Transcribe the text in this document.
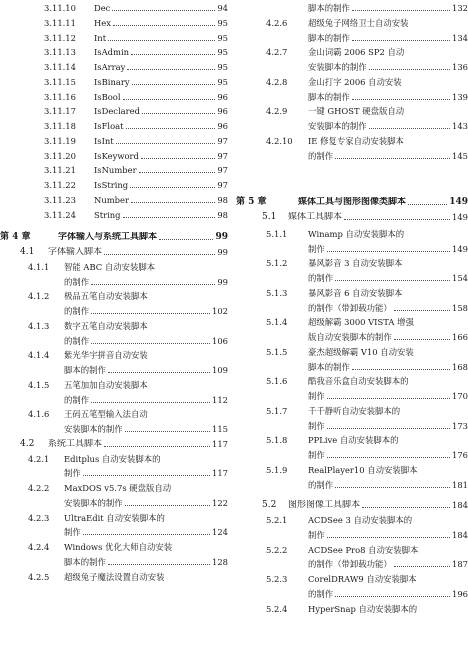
3.11.10 Dec	94
3.11.11 Hex	95
3.11.12 Int	95
3.11.13 IsAdmin	95
3.11.14 IsArray	95
3.11.15 IsBinary	95
3.11.16 IsBool	96
3.11.17 IsDeclared	96
3.11.18 IsFloat	96
3.11.19 IsInt	97
3.11.20 IsKeyword	97
3.11.21 IsNumber	97
3.11.22 IsString	97
3.11.23 Number	98
3.11.24 String	98
第 4 章	字体输入与系统工具脚本	99
4.1 字体输入脚本	99
4.1.1 智能 ABC 自动安装脚本
的制作	99
4.1.2 极品五笔自动安装脚本
的制作	102
4.1.3 数字五笔自动安装脚本
的制作	106
4.1.4 紫光华宇拼音自动安装
脚本的制作	109
4.1.5 五笔加加自动安装脚本
的制作	112
4.1.6 王码五笔型输入法自动
安装脚本的制作	115
4.2 系统工具脚本	117
4.2.1 Editplus 自动安装脚本的
制作	117
4.2.2 MaxDOS v5.7s 硬盘版自动
安装脚本的制作	122
4.2.3 UltraEdit 自动安装脚本的
制作	124
4.2.4 Windows 优化大师自动安装
脚本的制作	128
4.2.5 超级兔子魔法设置自动安装
脚本的制作	132
4.2.6 超级兔子网络卫士自动安装
脚本的制作	134
4.2.7 金山词霸 2006 SP2 自动
安装脚本的制作	136
4.2.8 金山打字 2006 自动安装
脚本的制作	139
4.2.9 一键 GHOST 硬盘版自动
安装脚本的制作	143
4.2.10 IE 修复专家自动安装脚本
的制作	145
第 5 章	媒体工具与图形图像类脚本	149
5.1 媒体工具脚本	149
5.1.1 Winamp 自动安装脚本的
制作	149
5.1.2 暴风影音 3 自动安装脚本
的制作	154
5.1.3 暴风影音 6 自动安装脚本
的制作（带卸载功能）	158
5.1.4 超级解霸 3000 VISTA 增强
版自动安装脚本的制作	166
5.1.5 豪杰超级解霸 V10 自动安装
脚本的制作	168
5.1.6 酷我音乐盒自动安装脚本的
制作	170
5.1.7 千千静听自动安装脚本的
制作	173
5.1.8 PPLive 自动安装脚本的
制作	176
5.1.9 RealPlayer10 自动安装脚本
的制作	181
5.2 图形图像工具脚本	184
5.2.1 ACDSee 3 自动安装脚本的
制作	184
5.2.2 ACDSee Pro8 自动安装脚本
的制作（带卸载功能）	187
5.2.3 CorelDRAW9 自动安装脚本
的制作	196
5.2.4 HyperSnap 自动安装脚本的
